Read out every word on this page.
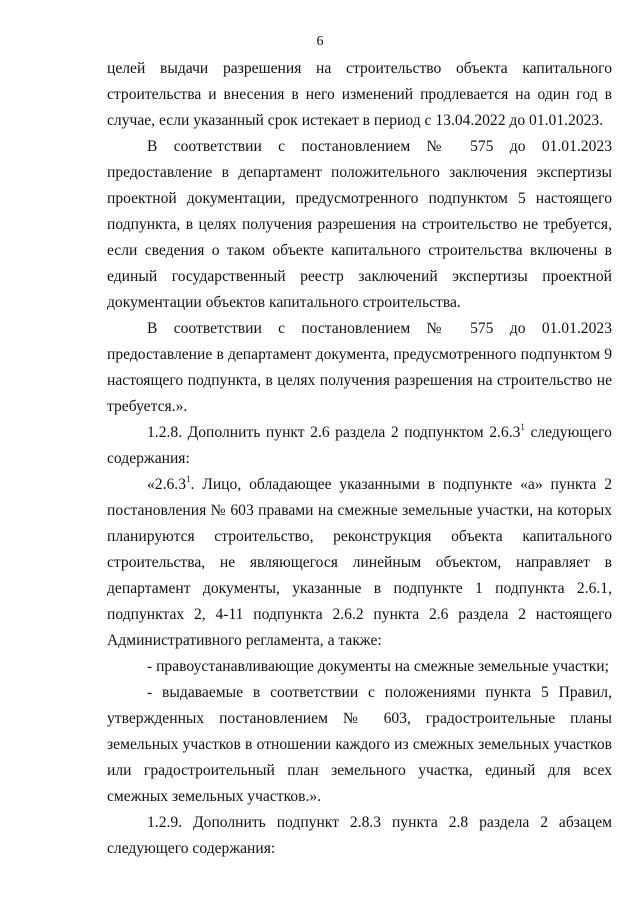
6

целей выдачи разрешения на строительство объекта капитального строительства и внесения в него изменений продлевается на один год в случае, если указанный срок истекает в период с 13.04.2022 до 01.01.2023.

В соответствии с постановлением № 575 до 01.01.2023 предоставление в департамент положительного заключения экспертизы проектной документации, предусмотренного подпунктом 5 настоящего подпункта, в целях получения разрешения на строительство не требуется, если сведения о таком объекте капитального строительства включены в единый государственный реестр заключений экспертизы проектной документации объектов капитального строительства.

В соответствии с постановлением № 575 до 01.01.2023 предоставление в департамент документа, предусмотренного подпунктом 9 настоящего подпункта, в целях получения разрешения на строительство не требуется.».

1.2.8. Дополнить пункт 2.6 раздела 2 подпунктом 2.6.3$^1$ следующего содержания:

«2.6.3$^1$. Лицо, обладающее указанными в подпункте «а» пункта 2 постановления № 603 правами на смежные земельные участки, на которых планируются строительство, реконструкция объекта капитального строительства, не являющегося линейным объектом, направляет в департамент документы, указанные в подпункте 1 подпункта 2.6.1, подпунктах 2, 4-11 подпункта 2.6.2 пункта 2.6 раздела 2 настоящего Административного регламента, а также:

- правоустанавливающие документы на смежные земельные участки;

- выдаваемые в соответствии с положениями пункта 5 Правил, утвержденных постановлением № 603, градостроительные планы земельных участков в отношении каждого из смежных земельных участков или градостроительный план земельного участка, единый для всех смежных земельных участков.».

1.2.9. Дополнить подпункт 2.8.3 пункта 2.8 раздела 2 абзацем следующего содержания:
